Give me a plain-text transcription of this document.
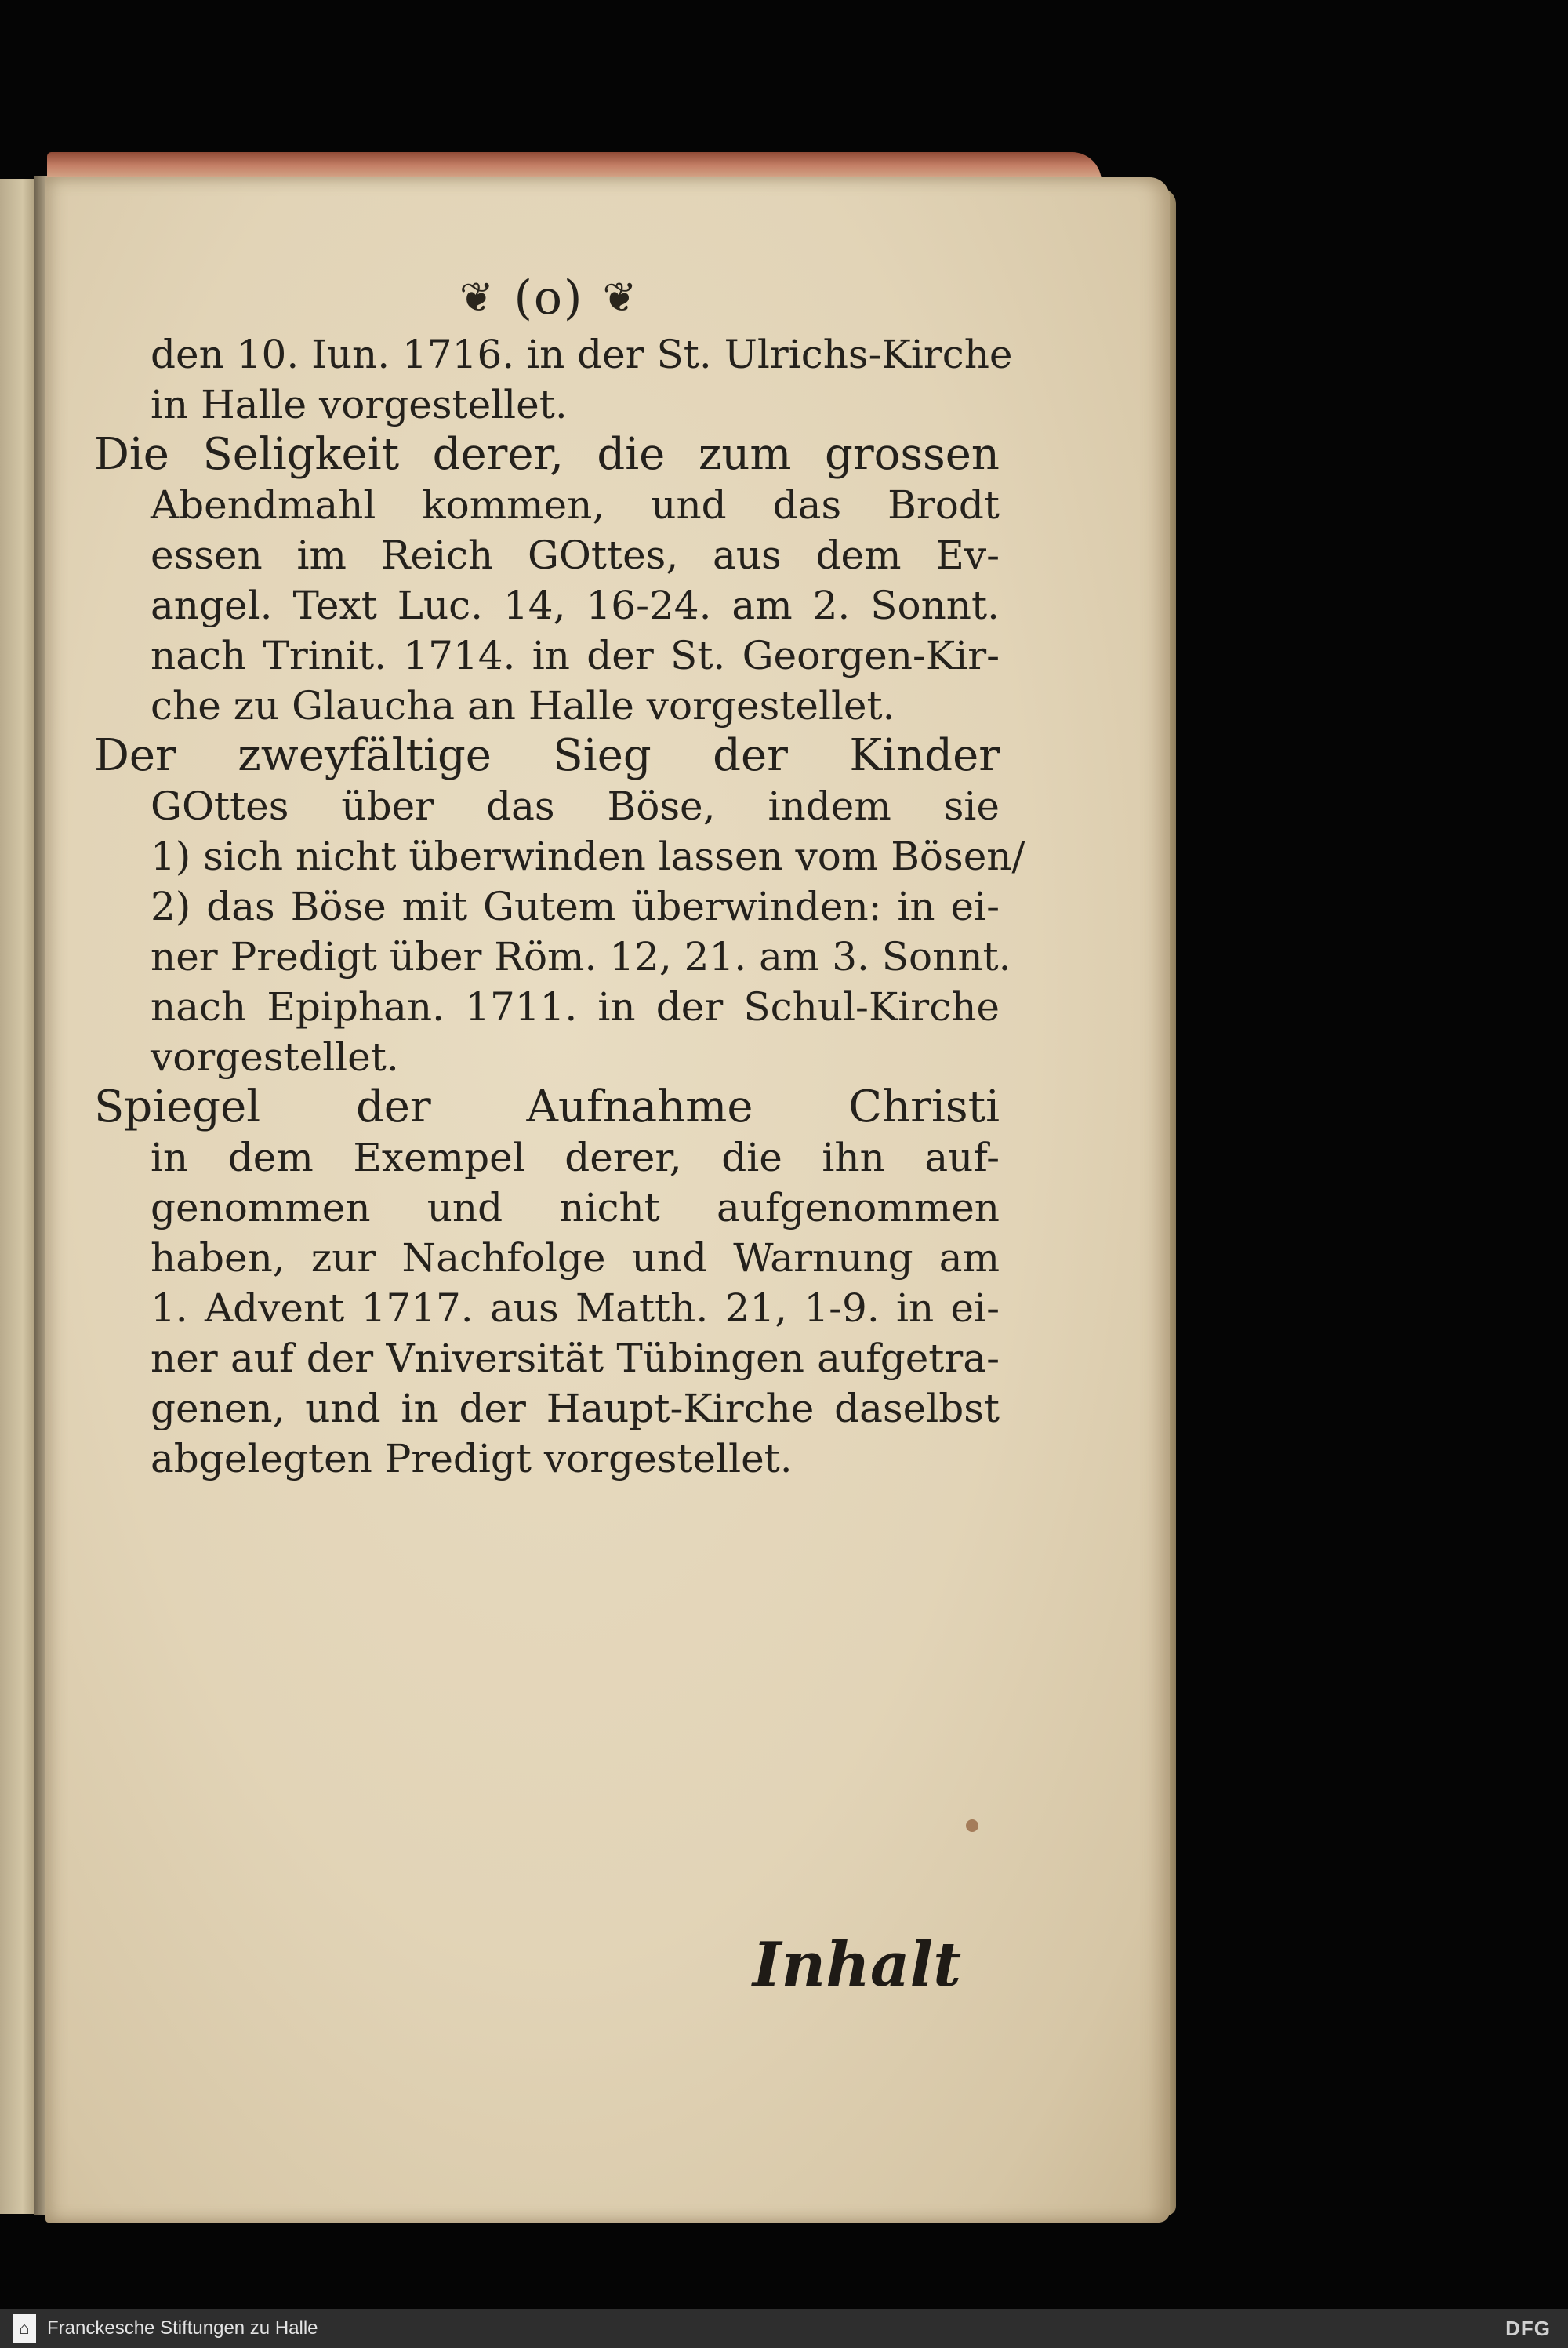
❦ (o) ❦
den 10. Iun. 1716. in der St. Ulrichs-Kirche
in Halle vorgestellet.
Die Seligkeit derer, die zum grossen
Abendmahl kommen, und das Brodt
essen im Reich GOttes, aus dem Ev-
angel. Text Luc. 14, 16-24. am 2. Sonnt.
nach Trinit. 1714. in der St. Georgen-Kir-
che zu Glaucha an Halle vorgestellet.
Der zweyfältige Sieg der Kinder
GOttes über das Böse, indem sie
1) sich nicht überwinden lassen vom Bösen/
2) das Böse mit Gutem überwinden: in ei-
ner Predigt über Röm. 12, 21. am 3. Sonnt.
nach Epiphan. 1711. in der Schul-Kirche
vorgestellet.
Spiegel der Aufnahme Christi
in dem Exempel derer, die ihn auf-
genommen und nicht aufgenommen
haben, zur Nachfolge und Warnung am
1. Advent 1717. aus Matth. 21, 1-9. in ei-
ner auf der Vniversität Tübingen aufgetra-
genen, und in der Haupt-Kirche daselbst
abgelegten Predigt vorgestellet.
Inhalt
⌂ Franckesche Stiftungen zu Halle	DFG
